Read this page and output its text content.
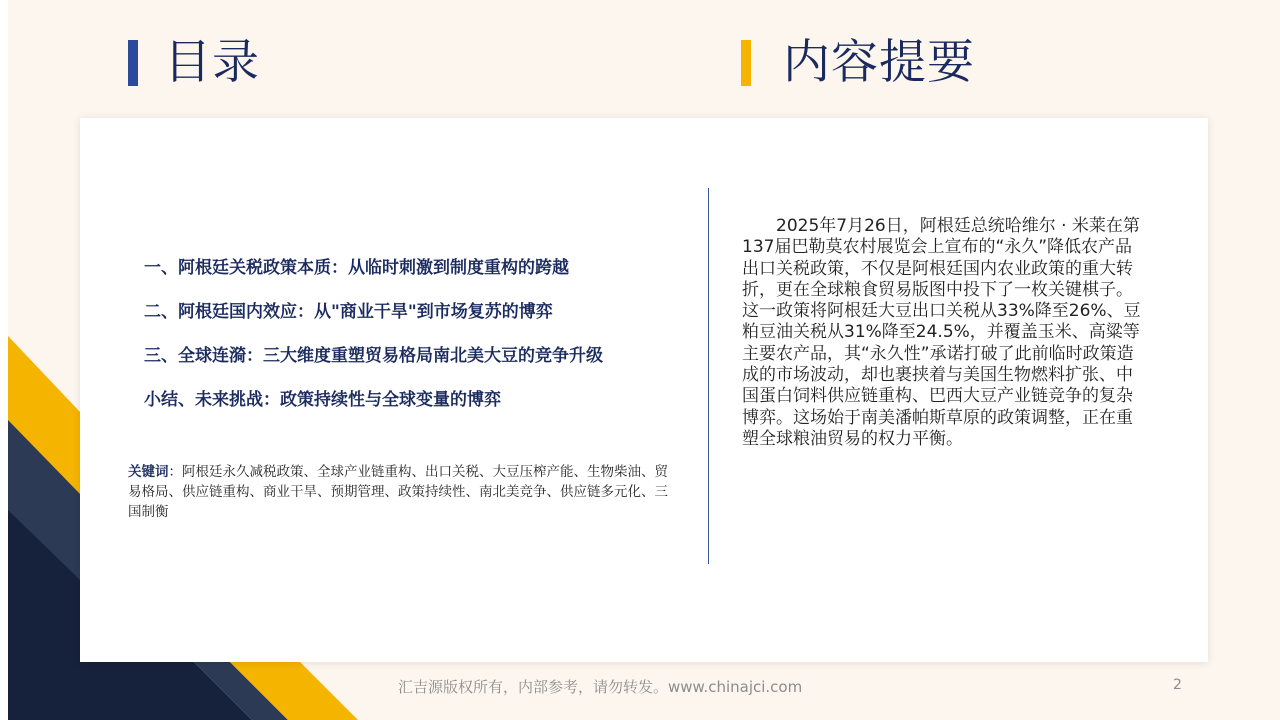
目录	内容提要
一、阿根廷关税政策本质：从临时刺激到制度重构的跨越
二、阿根廷国内效应：从"商业干旱"到市场复苏的博弈
三、全球连漪：三大维度重塑贸易格局南北美大豆的竞争升级
小结、未来挑战：政策持续性与全球变量的博弈
关键词：阿根廷永久减税政策、全球产业链重构、出口关税、大豆压榨产能、生物柴油、贸易格局、供应链重构、商业干旱、预期管理、政策持续性、南北美竞争、供应链多元化、三国制衡
2025年7月26日，阿根廷总统哈维尔 · 米莱在第137届巴勒莫农村展览会上宣布的“永久”降低农产品出口关税政策，不仅是阿根廷国内农业政策的重大转折，更在全球粮食贸易版图中投下了一枚关键棋子。这一政策将阿根廷大豆出口关税从33%降至26%、豆粕豆油关税从31%降至24.5%，并覆盖玉米、高粱等主要农产品，其“永久性”承诺打破了此前临时政策造成的市场波动，却也裹挟着与美国生物燃料扩张、中国蛋白饲料供应链重构、巴西大豆产业链竞争的复杂博弈。这场始于南美潘帕斯草原的政策调整，正在重塑全球粮油贸易的权力平衡。
汇吉源版权所有，内部参考，请勿转发。www.chinajci.com	2
